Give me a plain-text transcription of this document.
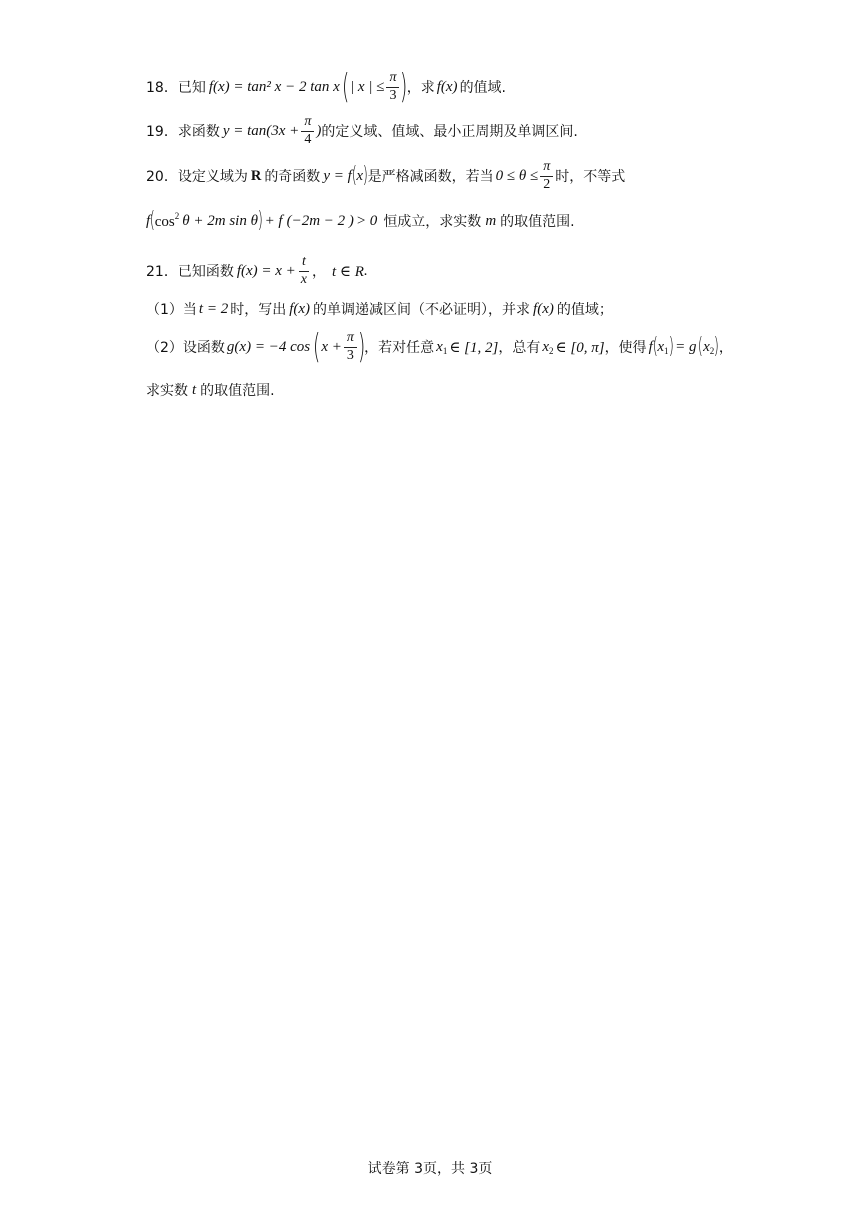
18． 已知 f(x) = tan² x − 2 tan x ( | x | ≤ $\frac{\pi}{3}$ )
，求 f(x) 的值域.
19． 求函数 $y = \tan(3x + \frac{\pi}{4}$ ) 的定义域、值域、最小正周期及单调区间.
20． 设定义域为 R 的奇函数 y = f ( x ) 是严格减函数，若当 $0 \le \theta \le \frac{\pi}{2}$ 时，不等式
f ( $\cos^2 \theta + 2m$ sin θ ) + f (−2m − 2 ) > 0 恒成立，求实数 m 的取值范围.
21． 已知函数 $f(x) = x + \frac{t}{x}$ ， t ∈ R .
（1）当 t = 2 时，写出 f(x) 的单调递减区间（不必证明），并求 f(x) 的值域；
（2）设函数 g(x) = −4 cos ( $x + \frac{\pi}{3}$ )
，若对任意 $x_1$ ∈ [1, 2] ，总有 $x_2$ ∈ [0, π] ，使得 f ( $x_1$ ) = g ( $x_2$ ) ，
求实数 t 的取值范围.
试卷第 3页，共 3页
